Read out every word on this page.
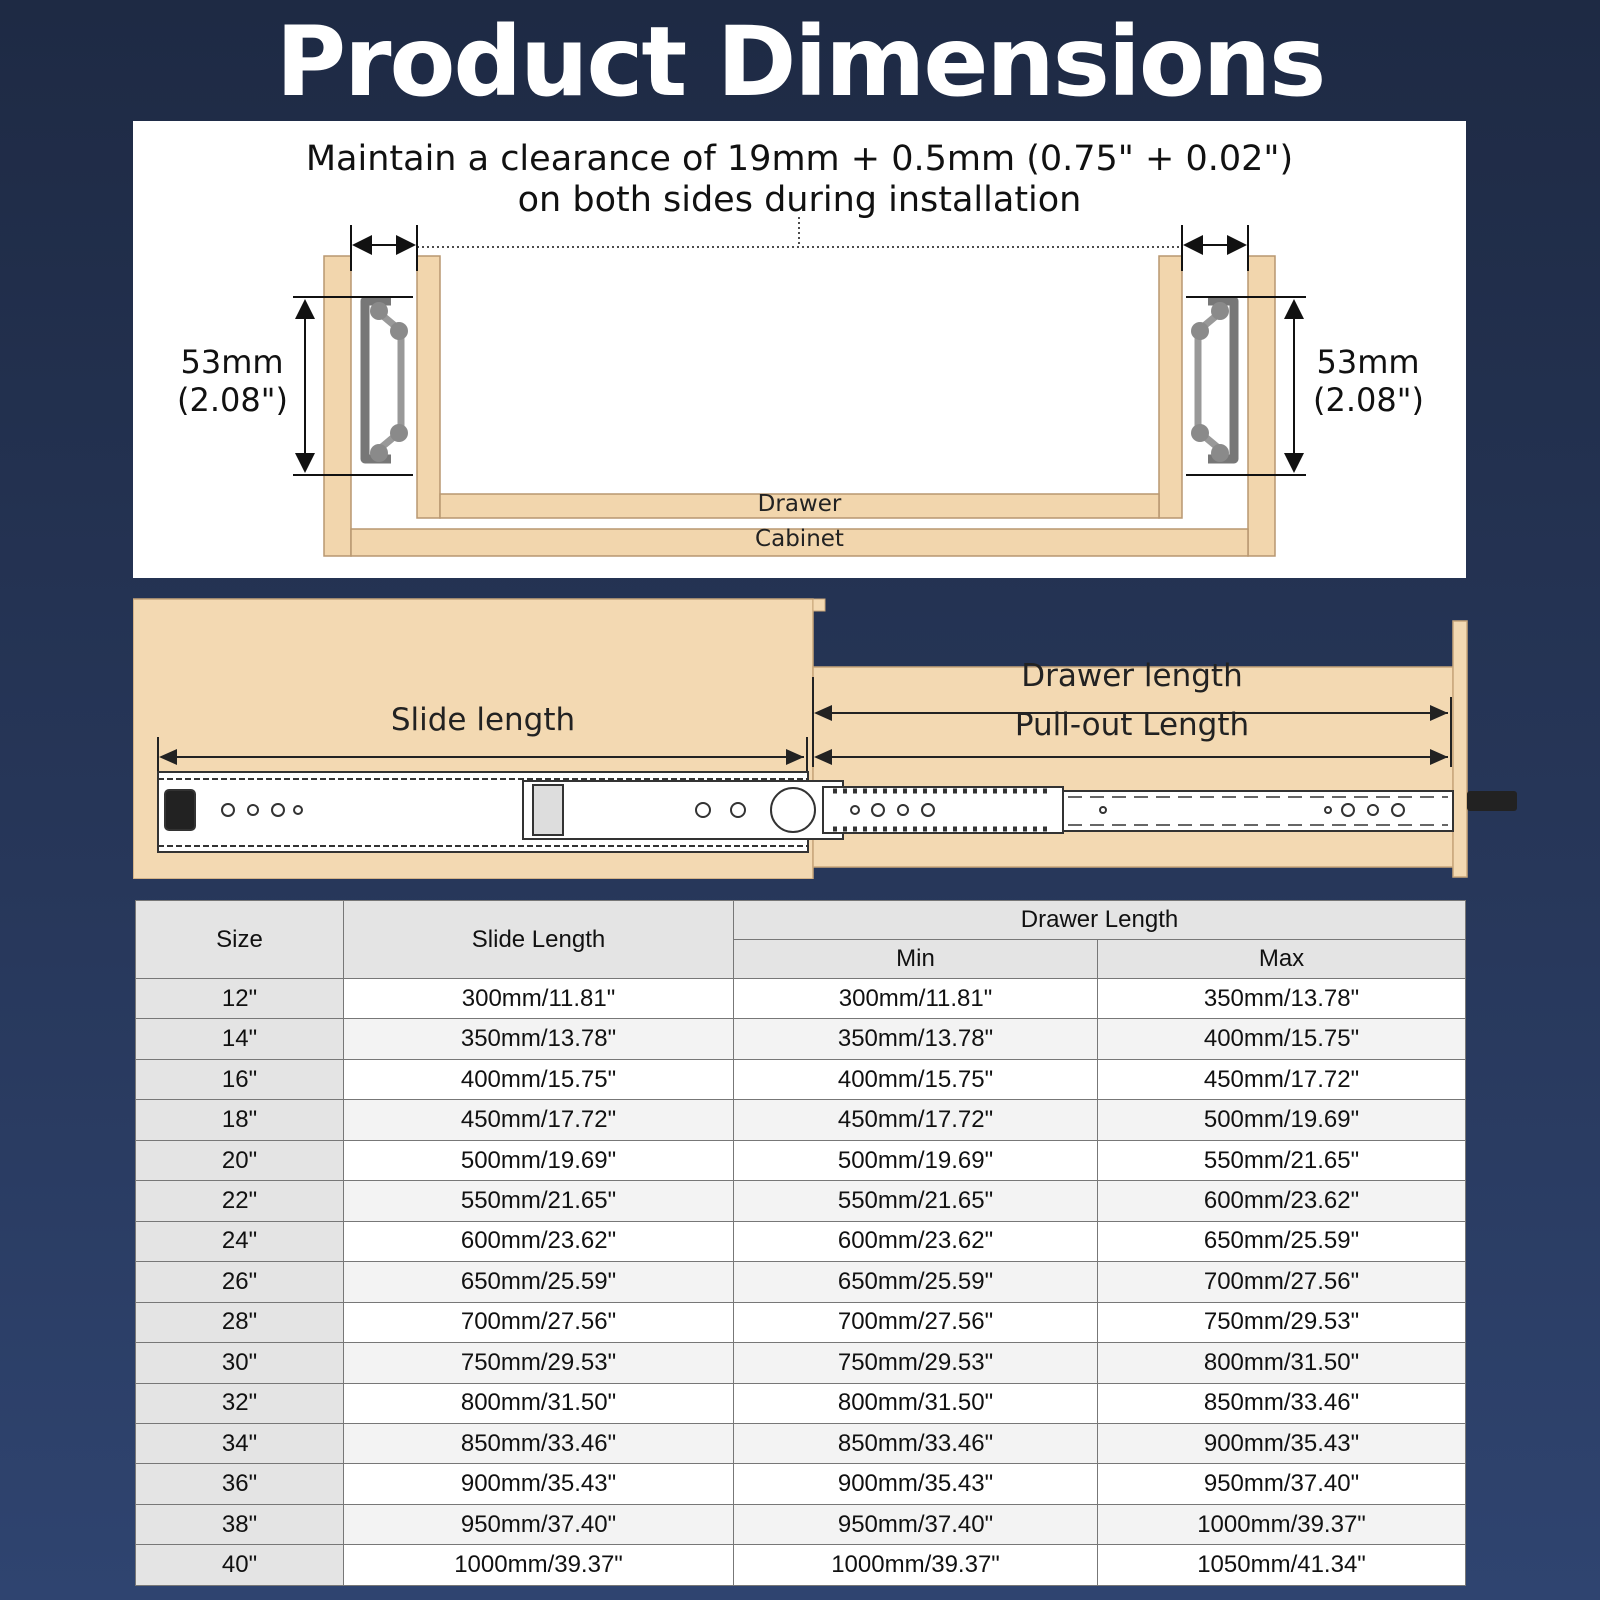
Product Dimensions
Maintain a clearance of 19mm + 0.5mm (0.75" + 0.02")
on both sides during installation
53mm
(2.08")
53mm
(2.08")
Drawer
Cabinet
Slide length
Drawer length
Pull-out Length
Size	Slide Length	Drawer Length	
		Min	Max
12"	300mm/11.81"	300mm/11.81"	350mm/13.78"
14"	350mm/13.78"	350mm/13.78"	400mm/15.75"
16"	400mm/15.75"	400mm/15.75"	450mm/17.72"
18"	450mm/17.72"	450mm/17.72"	500mm/19.69"
20"	500mm/19.69"	500mm/19.69"	550mm/21.65"
22"	550mm/21.65"	550mm/21.65"	600mm/23.62"
24"	600mm/23.62"	600mm/23.62"	650mm/25.59"
26"	650mm/25.59"	650mm/25.59"	700mm/27.56"
28"	700mm/27.56"	700mm/27.56"	750mm/29.53"
30"	750mm/29.53"	750mm/29.53"	800mm/31.50"
32"	800mm/31.50"	800mm/31.50"	850mm/33.46"
34"	850mm/33.46"	850mm/33.46"	900mm/35.43"
36"	900mm/35.43"	900mm/35.43"	950mm/37.40"
38"	950mm/37.40"	950mm/37.40"	1000mm/39.37"
40"	1000mm/39.37"	1000mm/39.37"	1050mm/41.34"
